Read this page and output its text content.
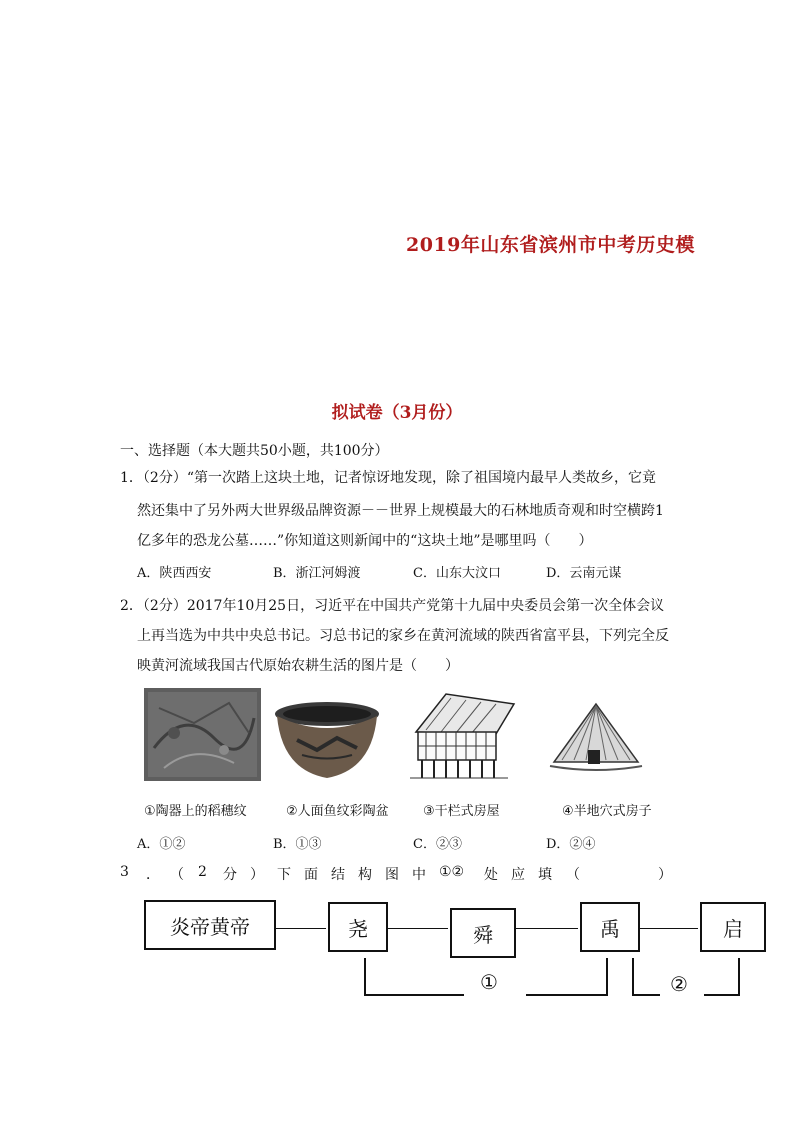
2019年山东省滨州市中考历史模
拟试卷（3月份）
一、选择题（本大题共50小题，共100分）
1．（2分）“第一次踏上这块土地，记者惊讶地发现，除了祖国境内最早人类故乡，它竟
然还集中了另外两大世界级品牌资源－－世界上规模最大的石林地质奇观和时空横跨1
亿多年的恐龙公墓……”你知道这则新闻中的“这块土地”是哪里吗（　　）
A．陕西西安	B．浙江河姆渡	C．山东大汶口	D．云南元谋
2．（2分）2017年10月25日，习近平在中国共产党第十九届中央委员会第一次全体会议
上再当选为中共中央总书记。习总书记的家乡在黄河流域的陕西省富平县，下列完全反
映黄河流域我国古代原始农耕生活的图片是（　　）
①陶器上的稻穗纹	②人面鱼纹彩陶盆	③干栏式房屋	④半地穴式房子
A．①②	B．①③	C．②③	D．②④
3 ． （ 2 分 ） 下 面 结 构 图 中 ①② 处 应 填 （	）
炎帝黄帝	尧	舜	禹	启
①	②
